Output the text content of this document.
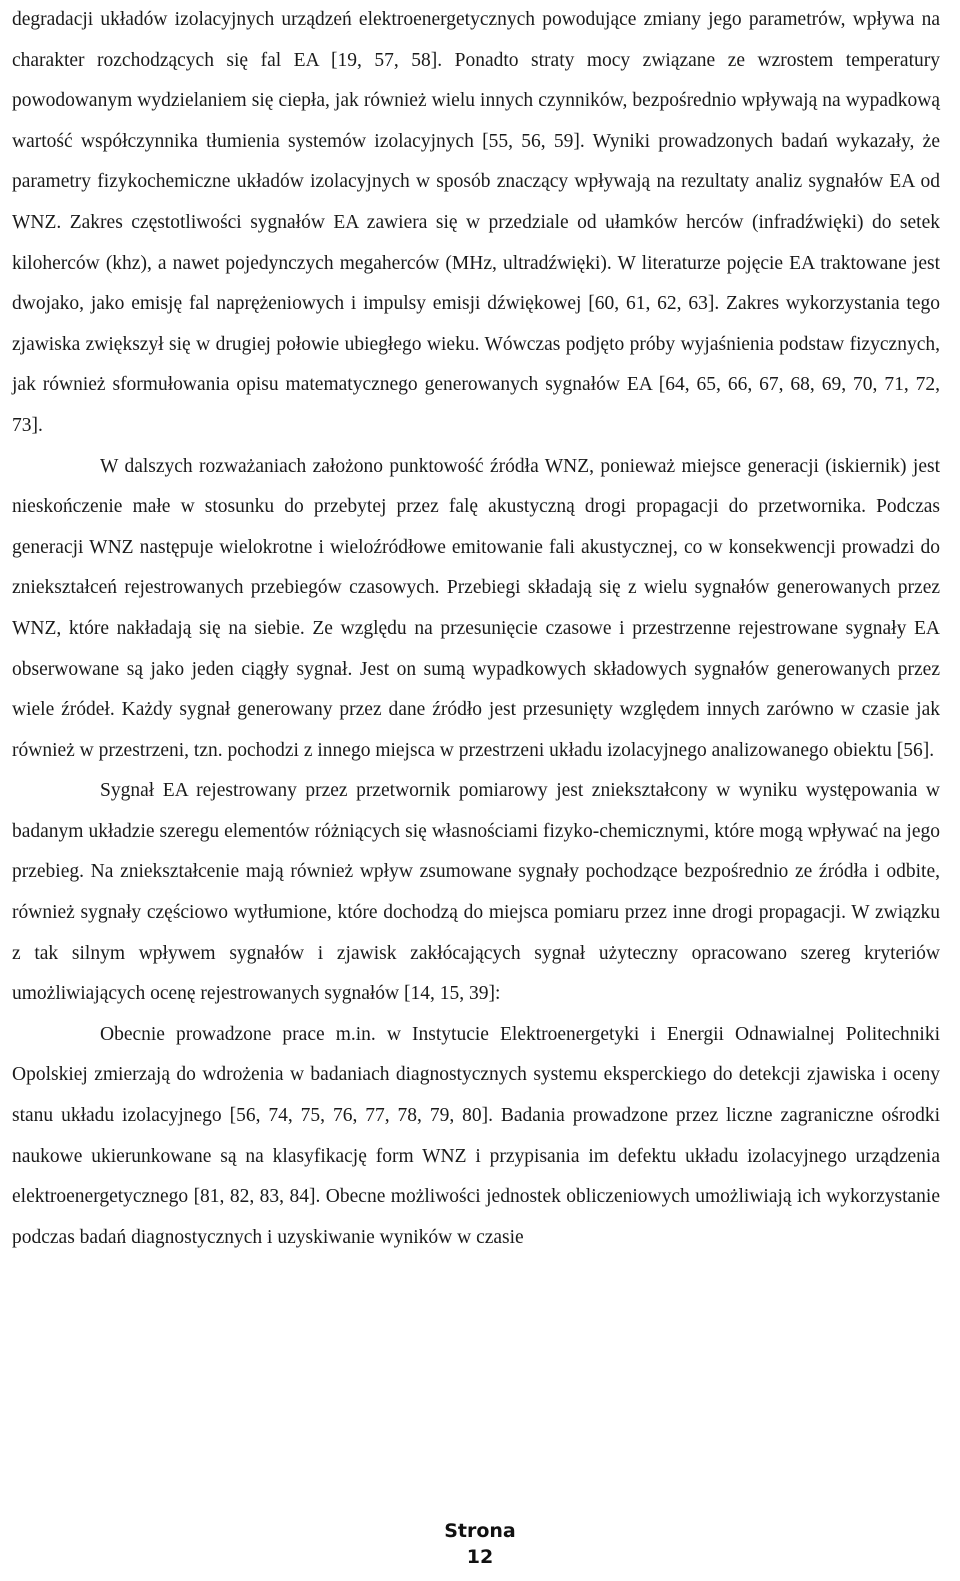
degradacji układów izolacyjnych urządzeń elektroenergetycznych powodujące zmiany jego parametrów, wpływa na charakter rozchodzących się fal EA [19, 57, 58]. Ponadto straty mocy związane ze wzrostem temperatury powodowanym wydzielaniem się ciepła, jak również wielu innych czynników, bezpośrednio wpływają na wypadkową wartość współczynnika tłumienia systemów izolacyjnych [55, 56, 59]. Wyniki prowadzonych badań wykazały, że parametry fizykochemiczne układów izolacyjnych w sposób znaczący wpływają na rezultaty analiz sygnałów EA od WNZ. Zakres częstotliwości sygnałów EA zawiera się w przedziale od ułamków herców (infradźwięki) do setek kiloherców (khz), a nawet pojedynczych megaherców (MHz, ultradźwięki). W literaturze pojęcie EA traktowane jest dwojako, jako emisję fal naprężeniowych i impulsy emisji dźwiękowej [60, 61, 62, 63]. Zakres wykorzystania tego zjawiska zwiększył się w drugiej połowie ubiegłego wieku. Wówczas podjęto próby wyjaśnienia podstaw fizycznych, jak również sformułowania opisu matematycznego generowanych sygnałów EA [64, 65, 66, 67, 68, 69, 70, 71, 72, 73].

W dalszych rozważaniach założono punktowość źródła WNZ, ponieważ miejsce generacji (iskiernik) jest nieskończenie małe w stosunku do przebytej przez falę akustyczną drogi propagacji do przetwornika. Podczas generacji WNZ następuje wielokrotne i wieloźródłowe emitowanie fali akustycznej, co w konsekwencji prowadzi do zniekształceń rejestrowanych przebiegów czasowych. Przebiegi składają się z wielu sygnałów generowanych przez WNZ, które nakładają się na siebie. Ze względu na przesunięcie czasowe i przestrzenne rejestrowane sygnały EA obserwowane są jako jeden ciągły sygnał. Jest on sumą wypadkowych składowych sygnałów generowanych przez wiele źródeł. Każdy sygnał generowany przez dane źródło jest przesunięty względem innych zarówno w czasie jak również w przestrzeni, tzn. pochodzi z innego miejsca w przestrzeni układu izolacyjnego analizowanego obiektu [56].

Sygnał EA rejestrowany przez przetwornik pomiarowy jest zniekształcony w wyniku występowania w badanym układzie szeregu elementów różniących się własnościami fizyko-chemicznymi, które mogą wpływać na jego przebieg. Na zniekształcenie mają również wpływ zsumowane sygnały pochodzące bezpośrednio ze źródła i odbite, również sygnały częściowo wytłumione, które dochodzą do miejsca pomiaru przez inne drogi propagacji. W związku z tak silnym wpływem sygnałów i zjawisk zakłócających sygnał użyteczny opracowano szereg kryteriów umożliwiających ocenę rejestrowanych sygnałów [14, 15, 39]:

Obecnie prowadzone prace m.in. w Instytucie Elektroenergetyki i Energii Odnawialnej Politechniki Opolskiej zmierzają do wdrożenia w badaniach diagnostycznych systemu eksperckiego do detekcji zjawiska i oceny stanu układu izolacyjnego [56, 74, 75, 76, 77, 78, 79, 80]. Badania prowadzone przez liczne zagraniczne ośrodki naukowe ukierunkowane są na klasyfikację form WNZ i przypisania im defektu układu izolacyjnego urządzenia elektroenergetycznego [81, 82, 83, 84]. Obecne możliwości jednostek obliczeniowych umożliwiają ich wykorzystanie podczas badań diagnostycznych i uzyskiwanie wyników w czasie

Strona
12
